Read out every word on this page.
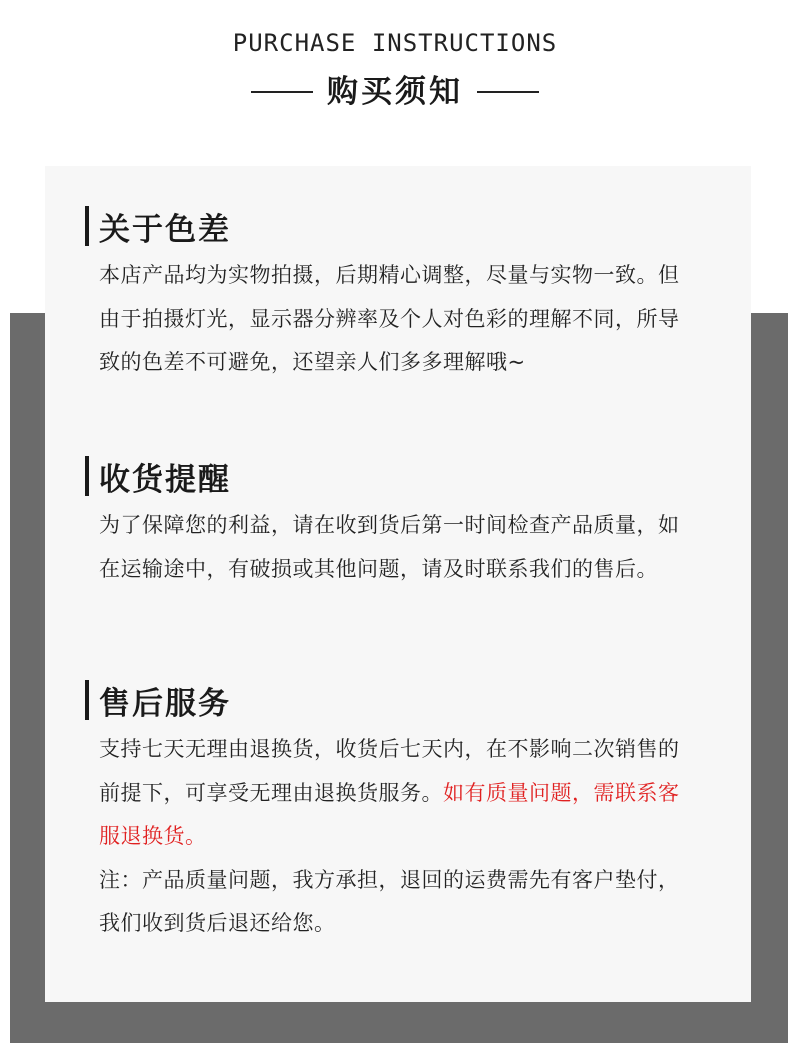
PURCHASE INSTRUCTIONS
购买须知
关于色差
本店产品均为实物拍摄，后期精心调整，尽量与实物一致。但由于拍摄灯光，显示器分辨率及个人对色彩的理解不同，所导致的色差不可避免，还望亲人们多多理解哦~
收货提醒
为了保障您的利益，请在收到货后第一时间检查产品质量，如在运输途中，有破损或其他问题，请及时联系我们的售后。
售后服务
支持七天无理由退换货，收货后七天内，在不影响二次销售的前提下，可享受无理由退换货服务。如有质量问题，需联系客服退换货。
注：产品质量问题，我方承担，退回的运费需先有客户垫付，我们收到货后退还给您。
